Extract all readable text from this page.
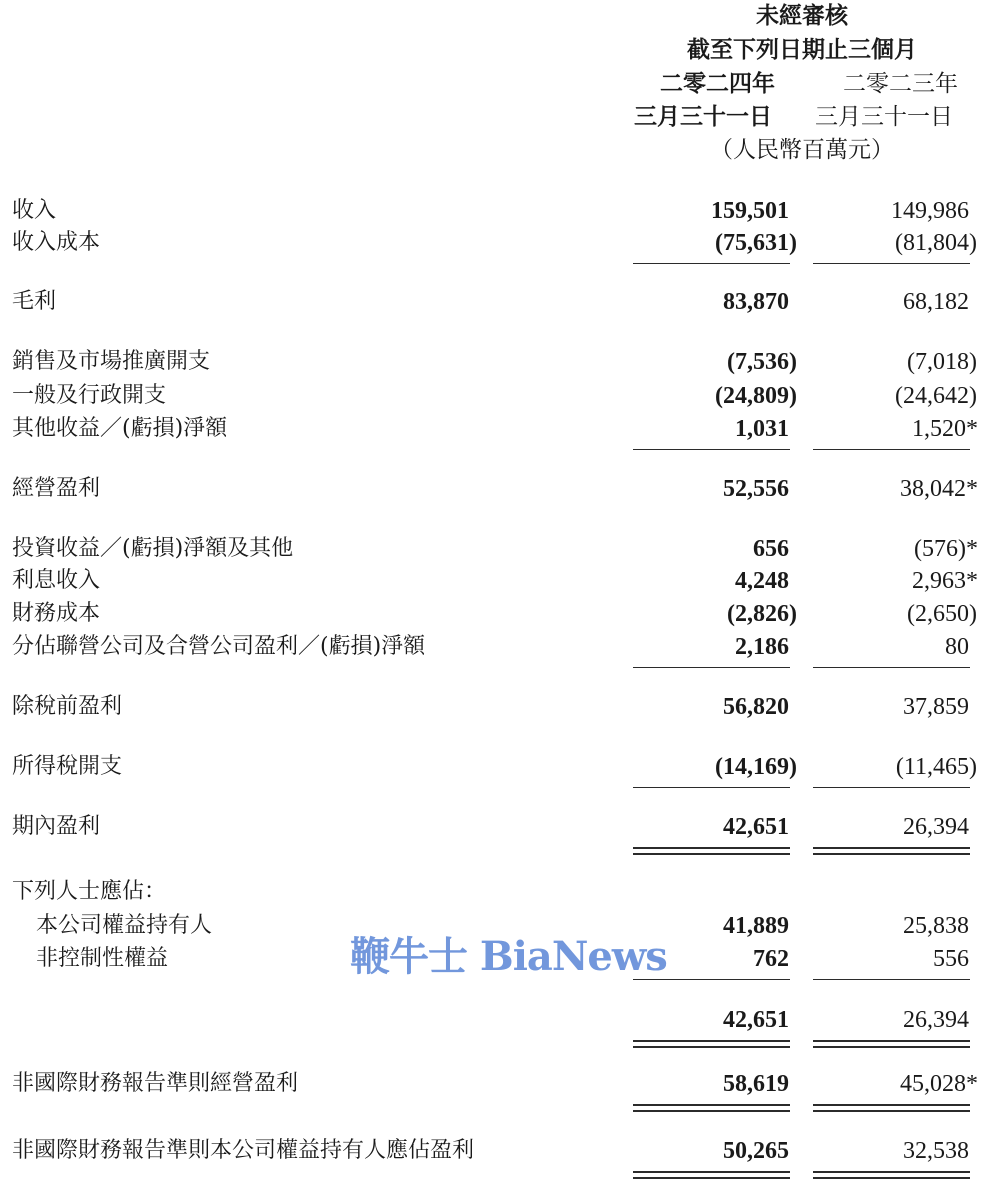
未經審核
截至下列日期止三個月
二零二四年	二零二三年
三月三十一日 三月三十一日
（人民幣百萬元）
收入	159,501	149,986
收入成本	(75,631)	(81,804)
毛利	83,870	68,182
銷售及市場推廣開支	(7,536)	(7,018)
一般及行政開支	(24,809)	(24,642)
其他收益／(虧損)淨額	1,031	1,520*
經營盈利	52,556	38,042*
投資收益／(虧損)淨額及其他	656	(576)*
利息收入	4,248	2,963*
財務成本	(2,826)	(2,650)
分佔聯營公司及合營公司盈利／(虧損)淨額	2,186	80
除稅前盈利	56,820	37,859
所得稅開支	(14,169)	(11,465)
期內盈利	42,651	26,394
下列人士應佔：
本公司權益持有人	41,889	25,838
非控制性權益	762	556
42,651	26,394
非國際財務報告準則經營盈利	58,619	45,028*
非國際財務報告準則本公司權益持有人應佔盈利	50,265	32,538
鞭牛士 BiaNews
